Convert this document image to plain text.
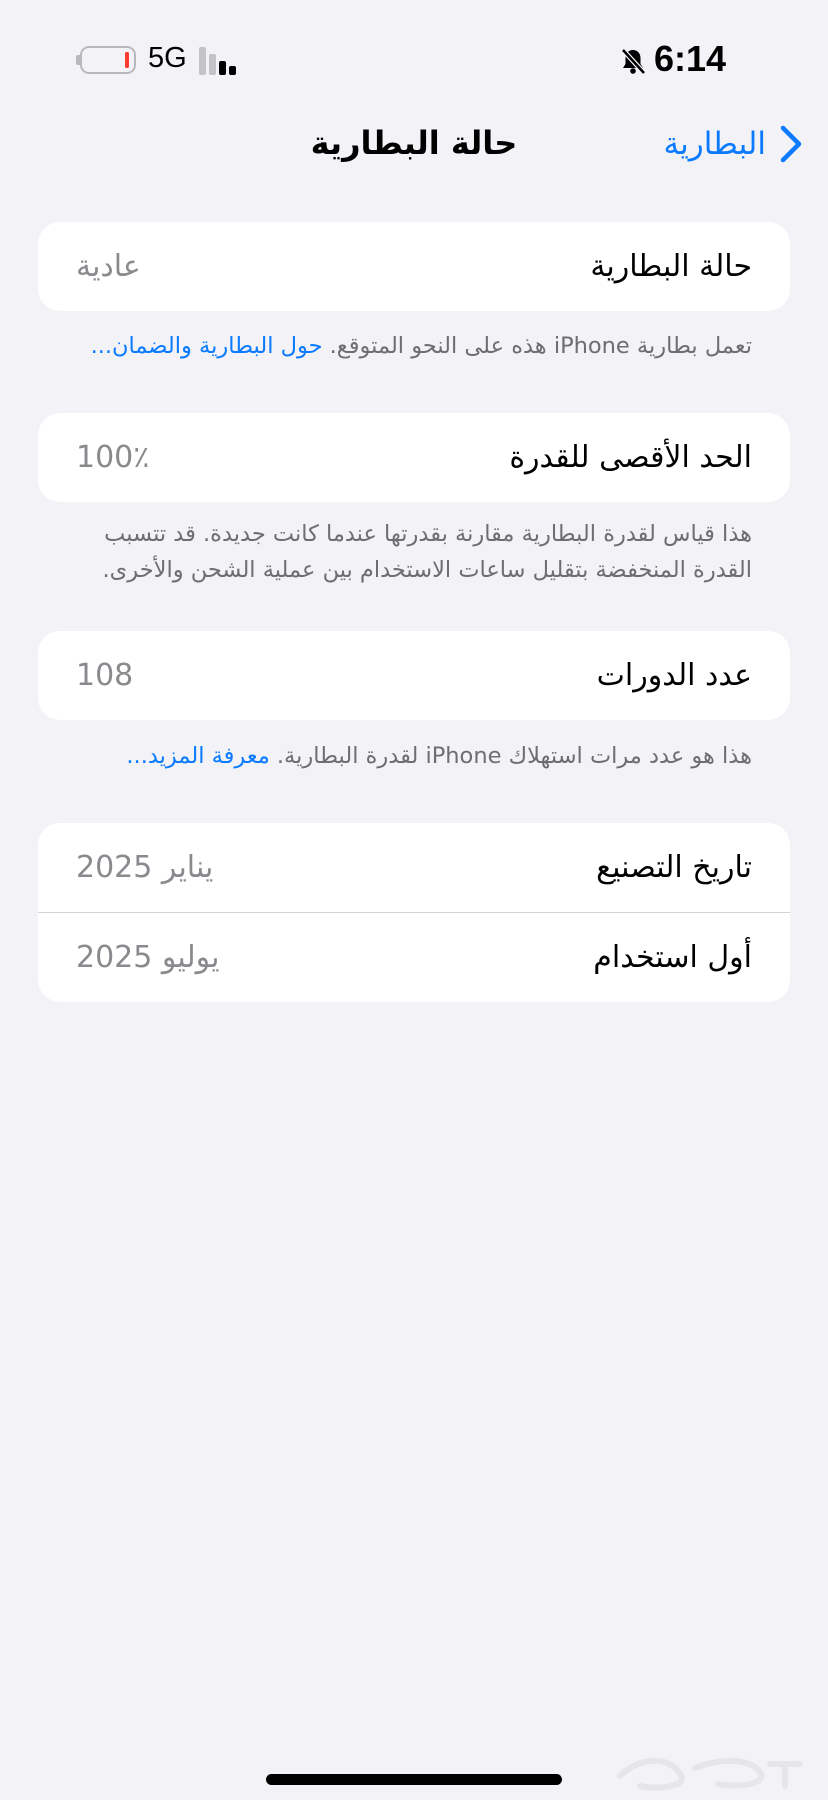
5G	6:14
البطارية
حالة البطارية
حالة البطارية
عادية
تعمل بطارية iPhone هذه على النحو المتوقع. حول البطارية والضمان...
الحد الأقصى للقدرة
100٪
هذا قياس لقدرة البطارية مقارنة بقدرتها عندما كانت جديدة. قد تتسبب القدرة المنخفضة بتقليل ساعات الاستخدام بين عملية الشحن والأخرى.
عدد الدورات
108
هذا هو عدد مرات استهلاك iPhone لقدرة البطارية. معرفة المزيد...
تاريخ التصنيع
يناير 2025
أول استخدام
يوليو 2025
